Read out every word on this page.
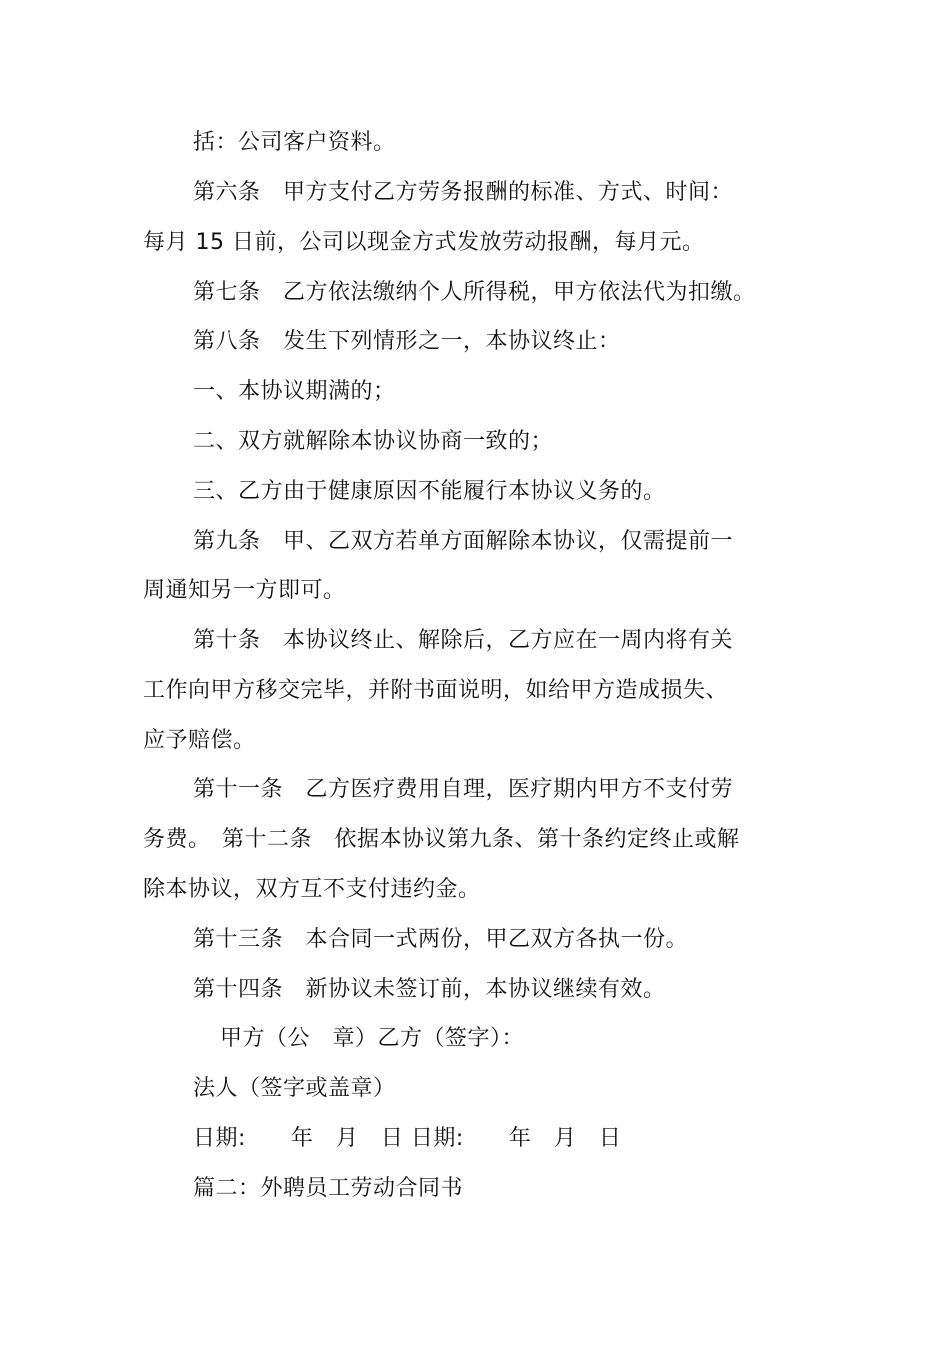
括：公司客户资料。
第六条　甲方支付乙方劳务报酬的标准、方式、时间：
每月 15 日前，公司以现金方式发放劳动报酬，每月元。
第七条　乙方依法缴纳个人所得税，甲方依法代为扣缴。
第八条　发生下列情形之一，本协议终止：
一、本协议期满的；
二、双方就解除本协议协商一致的；
三、乙方由于健康原因不能履行本协议义务的。
第九条　甲、乙双方若单方面解除本协议，仅需提前一
周通知另一方即可。
第十条　本协议终止、解除后，乙方应在一周内将有关
工作向甲方移交完毕，并附书面说明，如给甲方造成损失、
应予赔偿。
第十一条　乙方医疗费用自理，医疗期内甲方不支付劳
务费。　第十二条　依据本协议第九条、第十条约定终止或解
除本协议，双方互不支付违约金。
第十三条　本合同一式两份，甲乙双方各执一份。
第十四条　新协议未签订前，本协议继续有效。
甲方（公　章）乙方（签字）：
法人（签字或盖章）
日期:　　年　月　日 日期:　　年　月　日
篇二：外聘员工劳动合同书
